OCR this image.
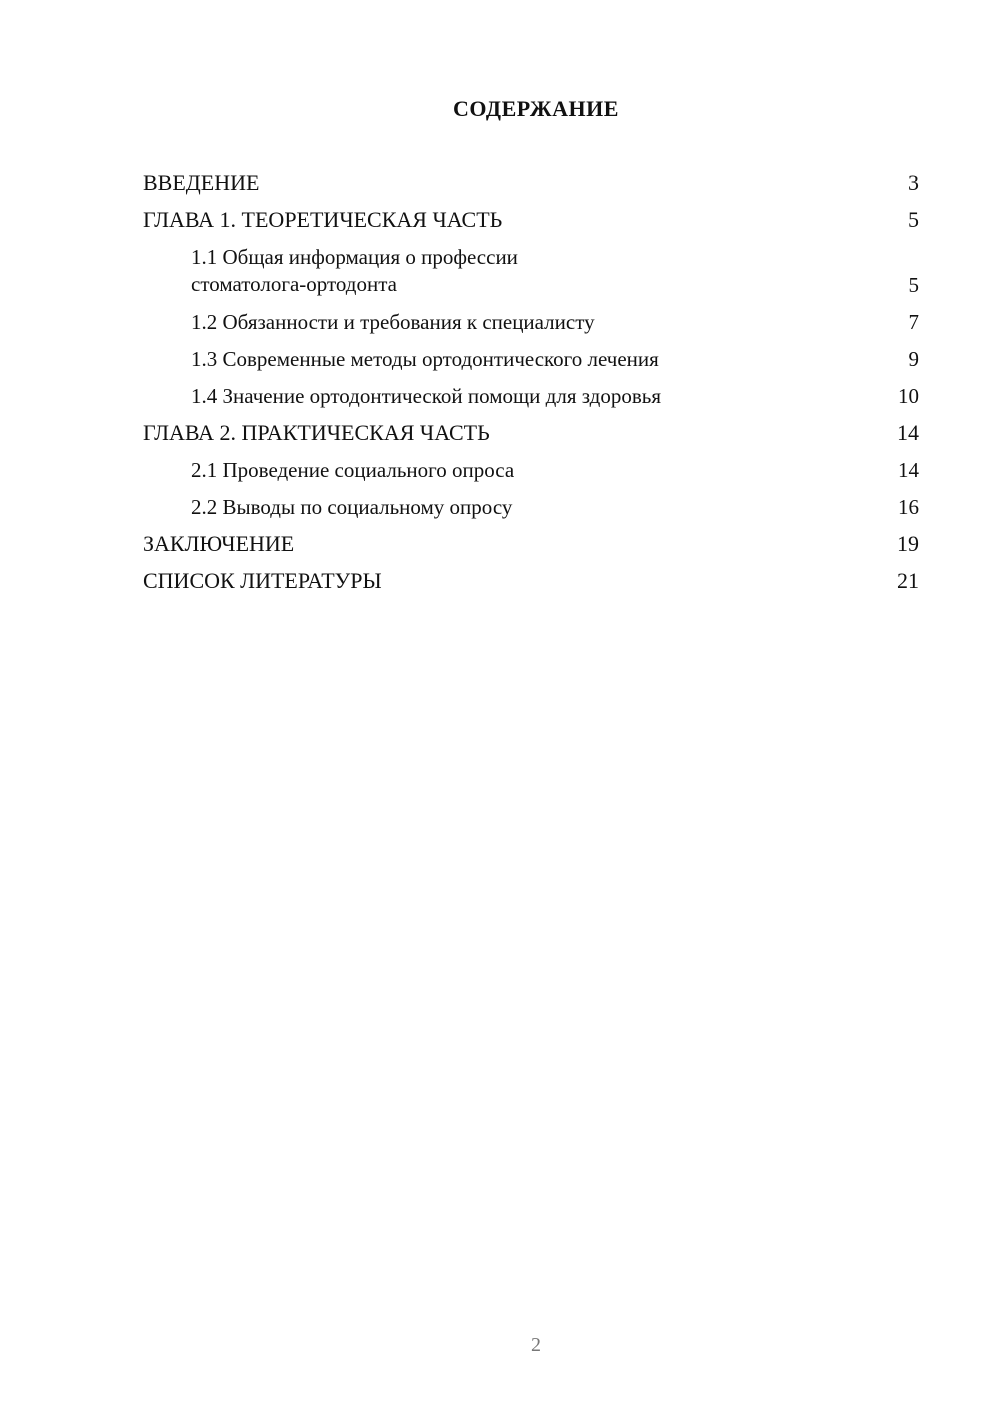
СОДЕРЖАНИЕ
ВВЕДЕНИЕ	3
ГЛАВА 1. ТЕОРЕТИЧЕСКАЯ ЧАСТЬ	5
1.1 Общая информация о профессии стоматолога-ортодонта	5
1.2 Обязанности и требования к специалисту	7
1.3 Современные методы ортодонтического лечения	9
1.4 Значение ортодонтической помощи для здоровья	10
ГЛАВА 2. ПРАКТИЧЕСКАЯ ЧАСТЬ	14
2.1 Проведение социального опроса	14
2.2 Выводы по социальному опросу	16
ЗАКЛЮЧЕНИЕ	19
СПИСОК ЛИТЕРАТУРЫ	21
2
